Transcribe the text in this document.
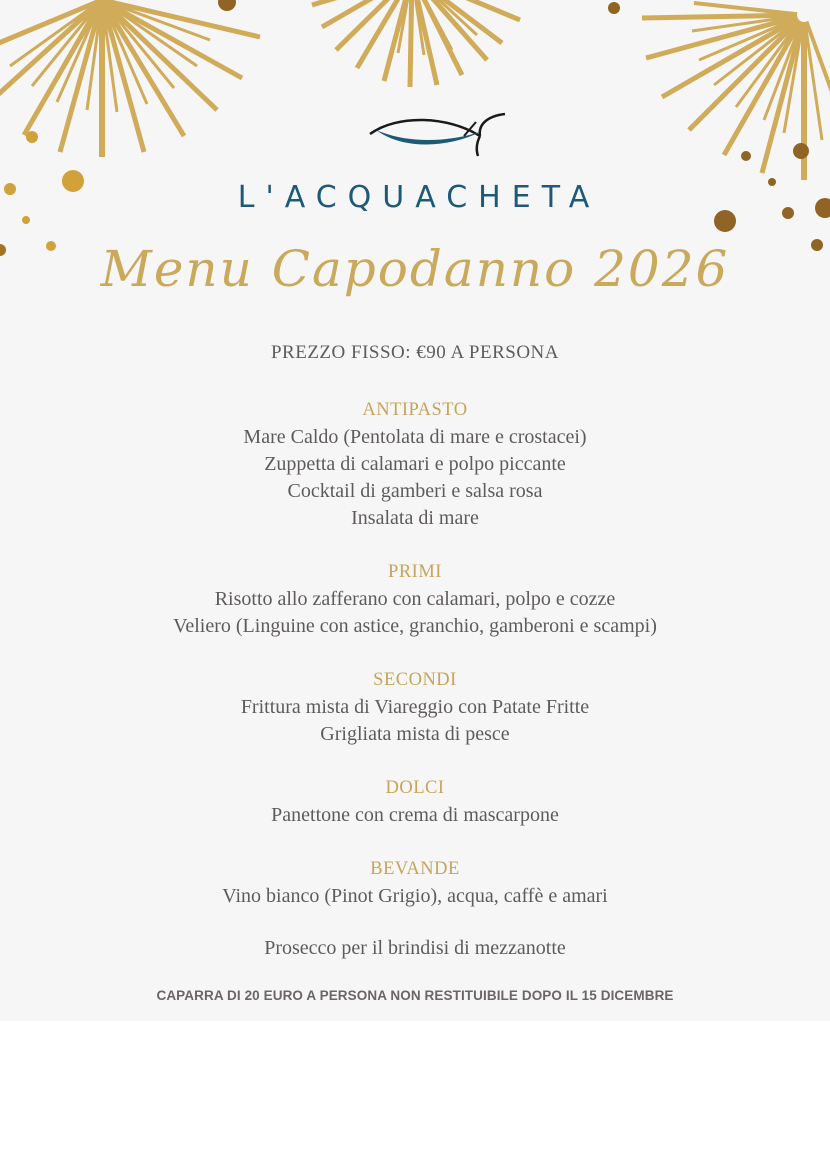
L'ACQUACHETA
Menu Capodanno 2026
PREZZO FISSO: €90 A PERSONA
ANTIPASTO
Mare Caldo (Pentolata di mare e crostacei)
Zuppetta di calamari e polpo piccante
Cocktail di gamberi e salsa rosa
Insalata di mare
PRIMI
Risotto allo zafferano con calamari, polpo e cozze
Veliero (Linguine con astice, granchio, gamberoni e scampi)
SECONDI
Frittura mista di Viareggio con Patate Fritte
Grigliata mista di pesce
DOLCI
Panettone con crema di mascarpone
BEVANDE
Vino bianco (Pinot Grigio), acqua, caffè e amari
Prosecco per il brindisi di mezzanotte
CAPARRA DI 20 EURO A PERSONA NON RESTITUIBILE DOPO IL 15 DICEMBRE
